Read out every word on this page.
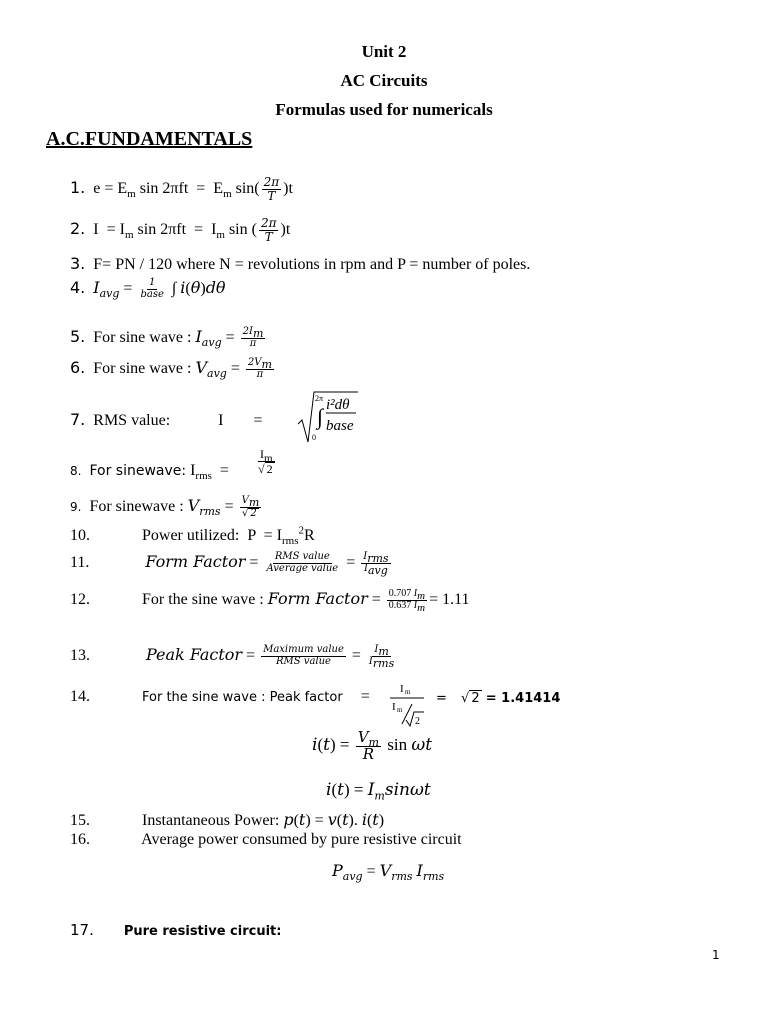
Unit 2
AC Circuits
Formulas used for numericals
A.C.FUNDAMENTALS
1.  $e = E_m$ $\sin 2\pi ft = E_m$ $\sin( \frac{2\pi}{T} )t$
2.  $I = I_m$ $\sin 2\pi ft = I_m$ sin ( $\frac{2\pi}{T} )t$
3. F= PN / 120 where N = revolutions in rpm and P = number of poles.
4. $I_{avg} = \frac{1}{\text{base}}$ ∫ i(θ)dθ
5. For sine wave : $I_{avg} = \frac{2I_m}{\pi}$
6. For sine wave : $V_{avg} = \frac{2V_m}{\pi}$
7. RMS value:	I =
2π
∫
0
i²dθ
base
8. For sinewave: $I_{rms} = \frac{I_m}{√ 2}$
9. For sinewave : $V_{rms} = \frac{V_m}{√ 2}$
10.	Power utilized:  $P = I_{rms}^2R$
11.	Form Factor = $\frac{\text{RMS value}}{\text{Average value}} = \frac{I_{rms}}{I_{avg}}$
12.	For the sine wave : Form Factor = $\frac{0.707 I_m}{0.637 I_m} = 1.11$
13.	Peak Factor = $\frac{\text{Maximum value}}{\text{RMS value}} = \frac{I_m}{I_{rms}}$
14.	For the sine wave : Peak factor =	I m
I m
2
= √ 2 = 1.41414
$i(t) = \frac{V_m}{R}$ sin ωt
$i(t) = I_m\sin\omega t$
15.	Instantaneous Power: p(t) = v(t). i(t)
16.	Average power consumed by pure resistive circuit
$P_{avg} = V_{rms}$ $I_{rms}$
17. Pure resistive circuit:
1
